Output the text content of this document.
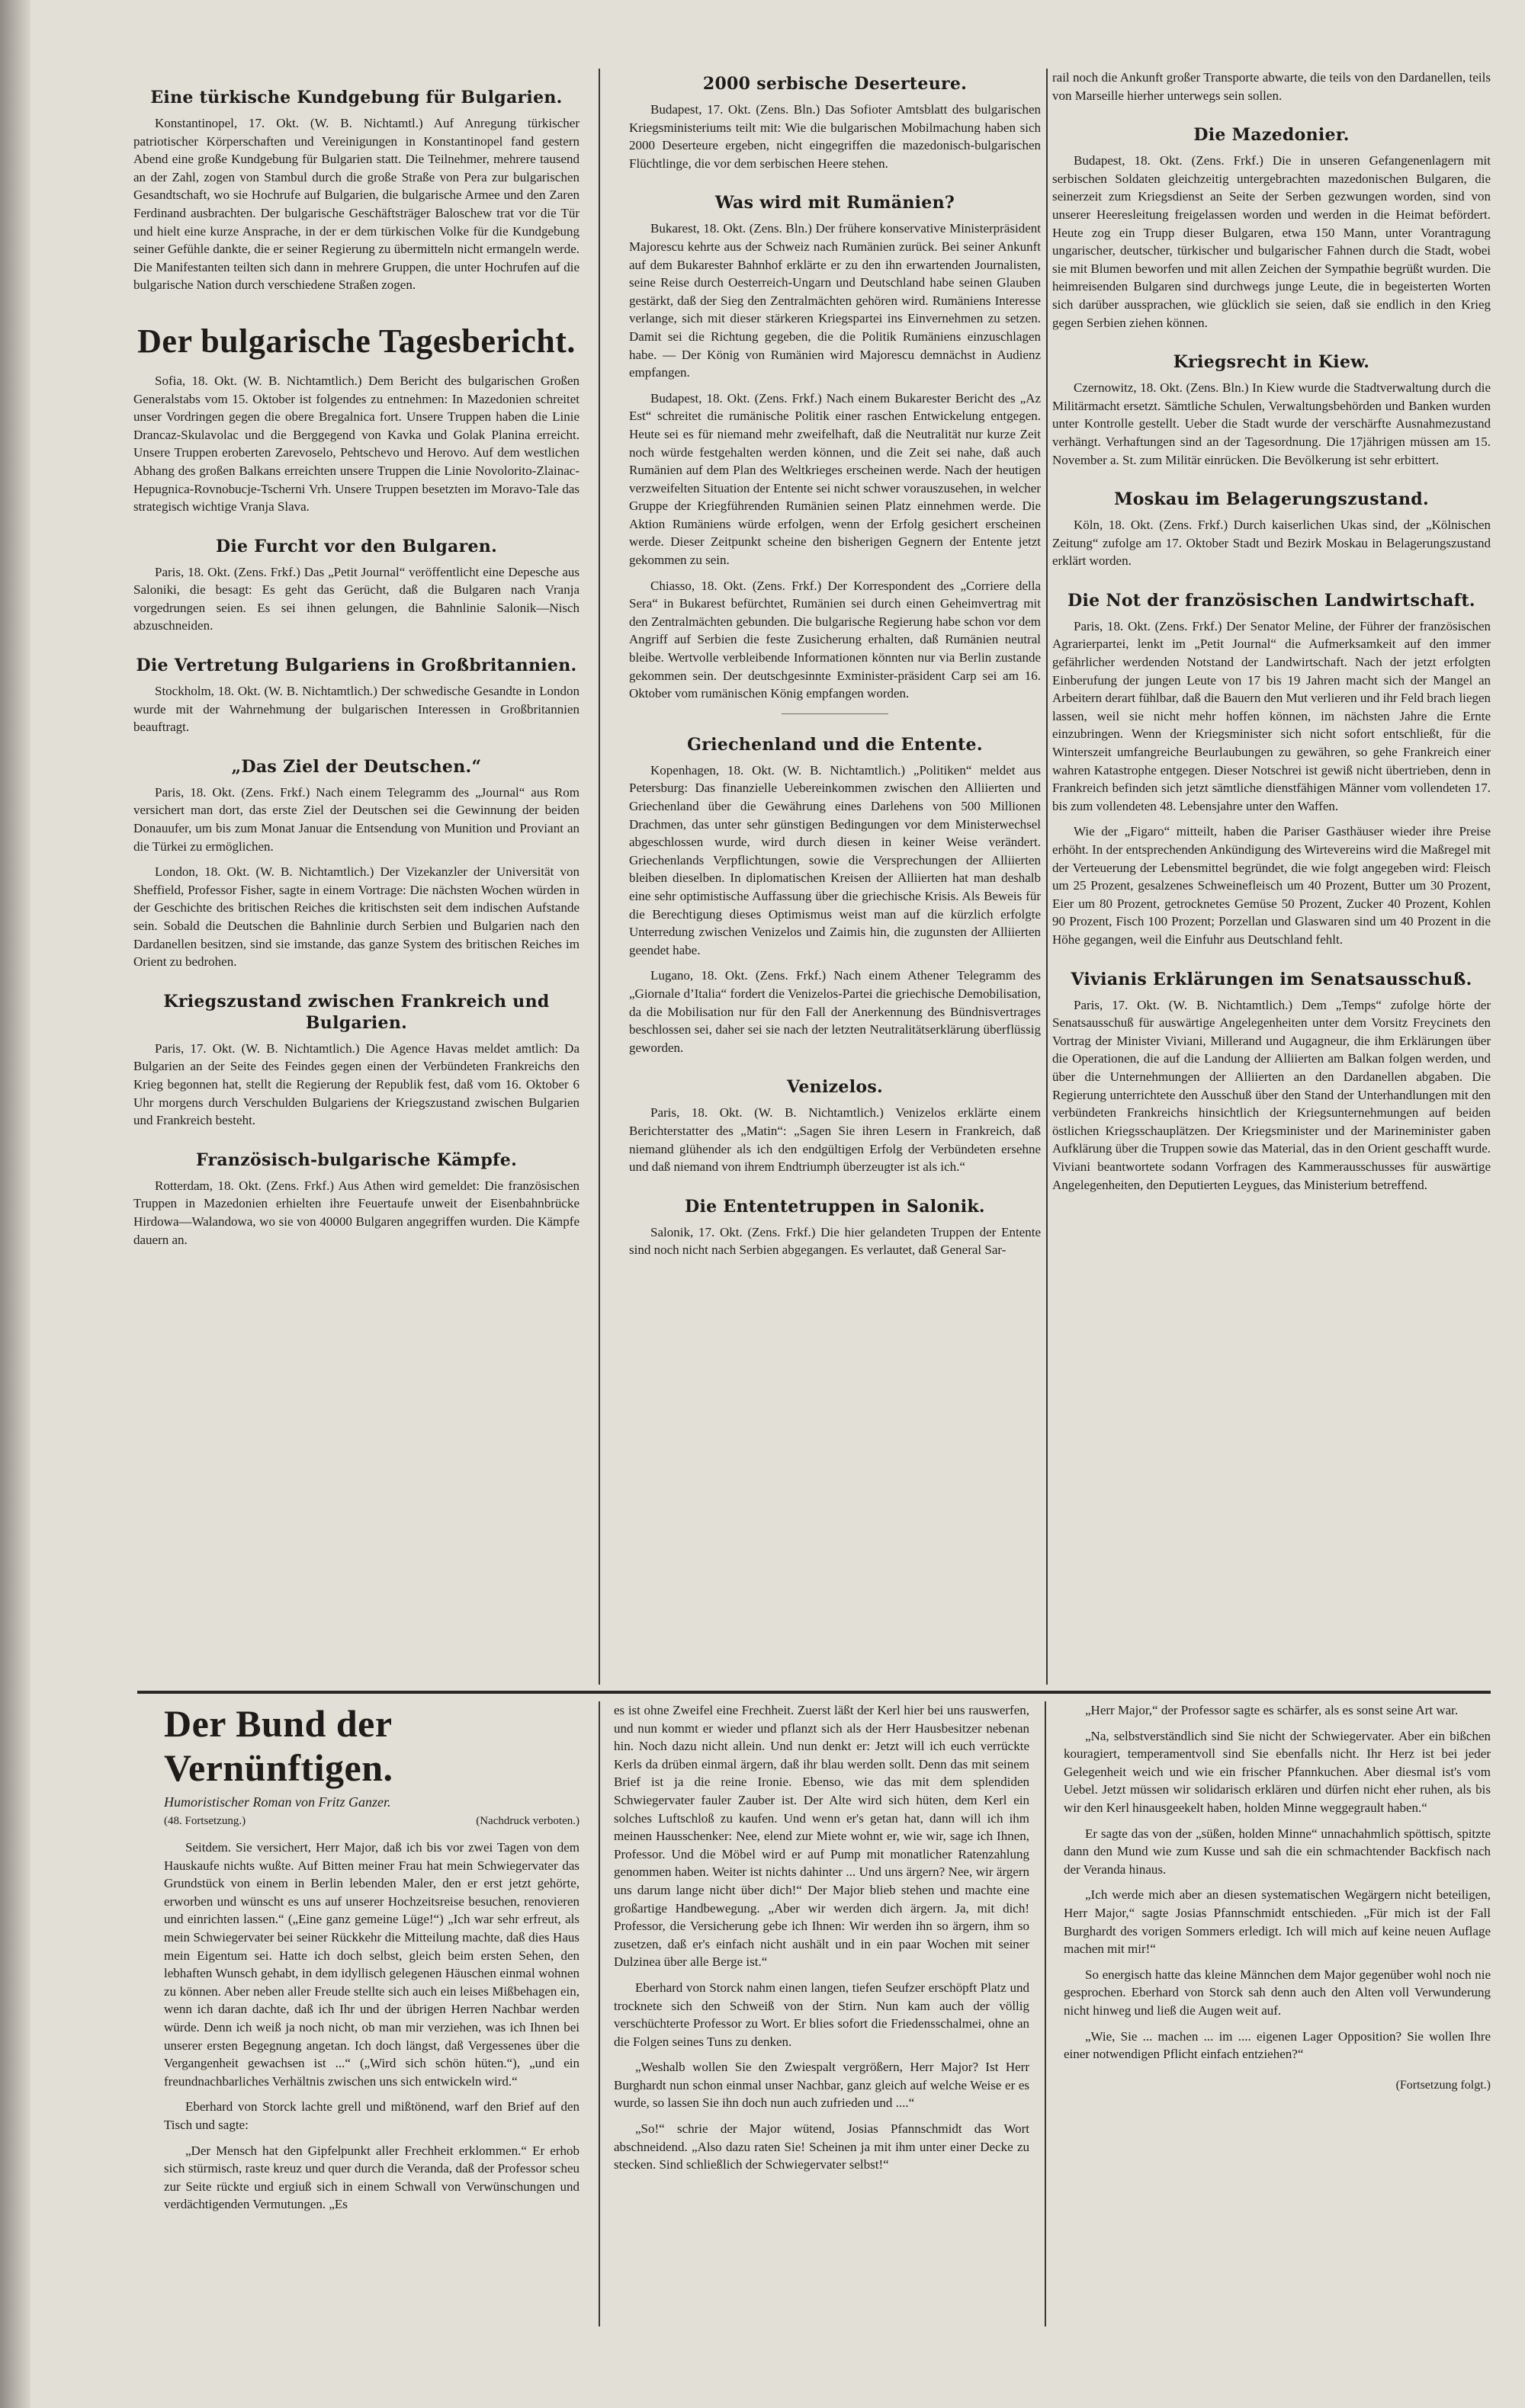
Eine türkische Kundgebung für Bulgarien.

Konstantinopel, 17. Okt. (W. B. Nichtamtl.) Auf Anregung türkischer patriotischer Körperschaften und Vereinigungen in Konstantinopel fand gestern Abend eine große Kundgebung für Bulgarien statt. Die Teilnehmer, mehrere tausend an der Zahl, zogen von Stambul durch die große Straße von Pera zur bulgarischen Gesandtschaft, wo sie Hochrufe auf Bulgarien, die bulgarische Armee und den Zaren Ferdinand ausbrachten. Der bulgarische Geschäftsträger Baloschew trat vor die Tür und hielt eine kurze Ansprache, in der er dem türkischen Volke für die Kundgebung seiner Gefühle dankte, die er seiner Regierung zu übermitteln nicht ermangeln werde. Die Manifestanten teilten sich dann in mehrere Gruppen, die unter Hochrufen auf die bulgarische Nation durch verschiedene Straßen zogen.

Der bulgarische Tagesbericht.

Sofia, 18. Okt. (W. B. Nichtamtlich.) Dem Bericht des bulgarischen Großen Generalstabs vom 15. Oktober ist folgendes zu entnehmen: In Mazedonien schreitet unser Vordringen gegen die obere Bregalnica fort. Unsere Truppen haben die Linie Drancaz-Skulavolac und die Berggegend von Kavka und Golak Planina erreicht. Unsere Truppen eroberten Zarevoselo, Pehtschevo und Herovo. Auf dem westlichen Abhang des großen Balkans erreichten unsere Truppen die Linie Novolorito-Zlainac-Hepugnica-Rovnobucje-Tscherni Vrh. Unsere Truppen besetzten im Moravo-Tale das strategisch wichtige Vranja Slava.

Die Furcht vor den Bulgaren.

Paris, 18. Okt. (Zens. Frkf.) Das „Petit Journal“ veröffentlicht eine Depesche aus Saloniki, die besagt: Es geht das Gerücht, daß die Bulgaren nach Vranja vorgedrungen seien. Es sei ihnen gelungen, die Bahnlinie Salonik—Nisch abzuschneiden.

Die Vertretung Bulgariens in Großbritannien.

Stockholm, 18. Okt. (W. B. Nichtamtlich.) Der schwedische Gesandte in London wurde mit der Wahrnehmung der bulgarischen Interessen in Großbritannien beauftragt.

„Das Ziel der Deutschen.“

Paris, 18. Okt. (Zens. Frkf.) Nach einem Telegramm des „Journal“ aus Rom versichert man dort, das erste Ziel der Deutschen sei die Gewinnung der beiden Donauufer, um bis zum Monat Januar die Entsendung von Munition und Proviant an die Türkei zu ermöglichen.

London, 18. Okt. (W. B. Nichtamtlich.) Der Vizekanzler der Universität von Sheffield, Professor Fisher, sagte in einem Vortrage: Die nächsten Wochen würden in der Geschichte des britischen Reiches die kritischsten seit dem indischen Aufstande sein. Sobald die Deutschen die Bahnlinie durch Serbien und Bulgarien nach den Dardanellen besitzen, sind sie imstande, das ganze System des britischen Reiches im Orient zu bedrohen.

Kriegszustand zwischen Frankreich und Bulgarien.

Paris, 17. Okt. (W. B. Nichtamtlich.) Die Agence Havas meldet amtlich: Da Bulgarien an der Seite des Feindes gegen einen der Verbündeten Frankreichs den Krieg begonnen hat, stellt die Regierung der Republik fest, daß vom 16. Oktober 6 Uhr morgens durch Verschulden Bulgariens der Kriegszustand zwischen Bulgarien und Frankreich besteht.

Französisch-bulgarische Kämpfe.

Rotterdam, 18. Okt. (Zens. Frkf.) Aus Athen wird gemeldet: Die französischen Truppen in Mazedonien erhielten ihre Feuertaufe unweit der Eisenbahnbrücke Hirdowa—Walandowa, wo sie von 40000 Bulgaren angegriffen wurden. Die Kämpfe dauern an.

2000 serbische Deserteure.

Budapest, 17. Okt. (Zens. Bln.) Das Sofioter Amtsblatt des bulgarischen Kriegsministeriums teilt mit: Wie die bulgarischen Mobilmachung haben sich 2000 Deserteure ergeben, nicht eingegriffen die mazedonisch-bulgarischen Flüchtlinge, die vor dem serbischen Heere stehen.

Was wird mit Rumänien?

Bukarest, 18. Okt. (Zens. Bln.) Der frühere konservative Ministerpräsident Majorescu kehrte aus der Schweiz nach Rumänien zurück. Bei seiner Ankunft auf dem Bukarester Bahnhof erklärte er zu den ihn erwartenden Journalisten, seine Reise durch Oesterreich-Ungarn und Deutschland habe seinen Glauben gestärkt, daß der Sieg den Zentralmächten gehören wird. Rumäniens Interesse verlange, sich mit dieser stärkeren Kriegspartei ins Einvernehmen zu setzen. Damit sei die Richtung gegeben, die die Politik Rumäniens einzuschlagen habe. — Der König von Rumänien wird Majorescu demnächst in Audienz empfangen.

Budapest, 18. Okt. (Zens. Frkf.) Nach einem Bukarester Bericht des „Az Est“ schreitet die rumänische Politik einer raschen Entwickelung entgegen. Heute sei es für niemand mehr zweifelhaft, daß die Neutralität nur kurze Zeit noch würde festgehalten werden können, und die Zeit sei nahe, daß auch Rumänien auf dem Plan des Weltkrieges erscheinen werde. Nach der heutigen verzweifelten Situation der Entente sei nicht schwer vorauszusehen, in welcher Gruppe der Kriegführenden Rumänien seinen Platz einnehmen werde. Die Aktion Rumäniens würde erfolgen, wenn der Erfolg gesichert erscheinen werde. Dieser Zeitpunkt scheine den bisherigen Gegnern der Entente jetzt gekommen zu sein.

Chiasso, 18. Okt. (Zens. Frkf.) Der Korrespondent des „Corriere della Sera“ in Bukarest befürchtet, Rumänien sei durch einen Geheimvertrag mit den Zentralmächten gebunden. Die bulgarische Regierung habe schon vor dem Angriff auf Serbien die feste Zusicherung erhalten, daß Rumänien neutral bleibe. Wertvolle verbleibende Informationen könnten nur via Berlin zustande gekommen sein. Der deutschgesinnte Exminister-präsident Carp sei am 16. Oktober vom rumänischen König empfangen worden.

Griechenland und die Entente.

Kopenhagen, 18. Okt. (W. B. Nichtamtlich.) „Politiken“ meldet aus Petersburg: Das finanzielle Uebereinkommen zwischen den Alliierten und Griechenland über die Gewährung eines Darlehens von 500 Millionen Drachmen, das unter sehr günstigen Bedingungen vor dem Ministerwechsel abgeschlossen wurde, wird durch diesen in keiner Weise verändert. Griechenlands Verpflichtungen, sowie die Versprechungen der Alliierten bleiben dieselben. In diplomatischen Kreisen der Alliierten hat man deshalb eine sehr optimistische Auffassung über die griechische Krisis. Als Beweis für die Berechtigung dieses Optimismus weist man auf die kürzlich erfolgte Unterredung zwischen Venizelos und Zaimis hin, die zugunsten der Alliierten geendet habe.

Lugano, 18. Okt. (Zens. Frkf.) Nach einem Athener Telegramm des „Giornale d’Italia“ fordert die Venizelos-Partei die griechische Demobilisation, da die Mobilisation nur für den Fall der Anerkennung des Bündnisvertrages beschlossen sei, daher sei sie nach der letzten Neutralitätserklärung überflüssig geworden.

Venizelos.

Paris, 18. Okt. (W. B. Nichtamtlich.) Venizelos erklärte einem Berichterstatter des „Matin“: „Sagen Sie ihren Lesern in Frankreich, daß niemand glühender als ich den endgültigen Erfolg der Verbündeten ersehne und daß niemand von ihrem Endtriumph überzeugter ist als ich.“

Die Ententetruppen in Salonik.

Salonik, 17. Okt. (Zens. Frkf.) Die hier gelandeten Truppen der Entente sind noch nicht nach Serbien abgegangen. Es verlautet, daß General Sar-

rail noch die Ankunft großer Transporte abwarte, die teils von den Dardanellen, teils von Marseille hierher unterwegs sein sollen.

Die Mazedonier.

Budapest, 18. Okt. (Zens. Frkf.) Die in unseren Gefangenenlagern mit serbischen Soldaten gleichzeitig untergebrachten mazedonischen Bulgaren, die seinerzeit zum Kriegsdienst an Seite der Serben gezwungen worden, sind von unserer Heeresleitung freigelassen worden und werden in die Heimat befördert. Heute zog ein Trupp dieser Bulgaren, etwa 150 Mann, unter Vorantragung ungarischer, deutscher, türkischer und bulgarischer Fahnen durch die Stadt, wobei sie mit Blumen beworfen und mit allen Zeichen der Sympathie begrüßt wurden. Die heimreisenden Bulgaren sind durchwegs junge Leute, die in begeisterten Worten sich darüber aussprachen, wie glücklich sie seien, daß sie endlich in den Krieg gegen Serbien ziehen können.

Kriegsrecht in Kiew.

Czernowitz, 18. Okt. (Zens. Bln.) In Kiew wurde die Stadtverwaltung durch die Militärmacht ersetzt. Sämtliche Schulen, Verwaltungsbehörden und Banken wurden unter Kontrolle gestellt. Ueber die Stadt wurde der verschärfte Ausnahmezustand verhängt. Verhaftungen sind an der Tagesordnung. Die 17jährigen müssen am 15. November a. St. zum Militär einrücken. Die Bevölkerung ist sehr erbittert.

Moskau im Belagerungszustand.

Köln, 18. Okt. (Zens. Frkf.) Durch kaiserlichen Ukas sind, der „Kölnischen Zeitung“ zufolge am 17. Oktober Stadt und Bezirk Moskau in Belagerungszustand erklärt worden.

Die Not der französischen Landwirtschaft.

Paris, 18. Okt. (Zens. Frkf.) Der Senator Meline, der Führer der französischen Agrarierpartei, lenkt im „Petit Journal“ die Aufmerksamkeit auf den immer gefährlicher werdenden Notstand der Landwirtschaft. Nach der jetzt erfolgten Einberufung der jungen Leute von 17 bis 19 Jahren macht sich der Mangel an Arbeitern derart fühlbar, daß die Bauern den Mut verlieren und ihr Feld brach liegen lassen, weil sie nicht mehr hoffen können, im nächsten Jahre die Ernte einzubringen. Wenn der Kriegsminister sich nicht sofort entschließt, für die Winterszeit umfangreiche Beurlaubungen zu gewähren, so gehe Frankreich einer wahren Katastrophe entgegen. Dieser Notschrei ist gewiß nicht übertrieben, denn in Frankreich befinden sich jetzt sämtliche dienstfähigen Männer vom vollendeten 17. bis zum vollendeten 48. Lebensjahre unter den Waffen.

Wie der „Figaro“ mitteilt, haben die Pariser Gasthäuser wieder ihre Preise erhöht. In der entsprechenden Ankündigung des Wirtevereins wird die Maßregel mit der Verteuerung der Lebensmittel begründet, die wie folgt angegeben wird: Fleisch um 25 Prozent, gesalzenes Schweinefleisch um 40 Prozent, Butter um 30 Prozent, Eier um 80 Prozent, getrocknetes Gemüse 50 Prozent, Zucker 40 Prozent, Kohlen 90 Prozent, Fisch 100 Prozent; Porzellan und Glaswaren sind um 40 Prozent in die Höhe gegangen, weil die Einfuhr aus Deutschland fehlt.

Vivianis Erklärungen im Senatsausschuß.

Paris, 17. Okt. (W. B. Nichtamtlich.) Dem „Temps“ zufolge hörte der Senatsausschuß für auswärtige Angelegenheiten unter dem Vorsitz Freycinets den Vortrag der Minister Viviani, Millerand und Augagneur, die ihm Erklärungen über die Operationen, die auf die Landung der Alliierten am Balkan folgen werden, und über die Unternehmungen der Alliierten an den Dardanellen abgaben. Die Regierung unterrichtete den Ausschuß über den Stand der Unterhandlungen mit den verbündeten Frankreichs hinsichtlich der Kriegsunternehmungen auf beiden östlichen Kriegsschauplätzen. Der Kriegsminister und der Marineminister gaben Aufklärung über die Truppen sowie das Material, das in den Orient geschafft wurde. Viviani beantwortete sodann Vorfragen des Kammerausschusses für auswärtige Angelegenheiten, den Deputierten Leygues, das Ministerium betreffend.

Der Bund der Vernünftigen.
Humoristischer Roman von Fritz Ganzer.
(48. Fortsetzung.)	(Nachdruck verboten.)

Seitdem. Sie versichert, Herr Major, daß ich bis vor zwei Tagen von dem Hauskaufe nichts wußte. Auf Bitten meiner Frau hat mein Schwiegervater das Grundstück von einem in Berlin lebenden Maler, den er erst jetzt gehörte, erworben und wünscht es uns auf unserer Hochzeitsreise besuchen, renovieren und einrichten lassen.“ („Eine ganz gemeine Lüge!“) „Ich war sehr erfreut, als mein Schwiegervater bei seiner Rückkehr die Mitteilung machte, daß dies Haus mein Eigentum sei. Hatte ich doch selbst, gleich beim ersten Sehen, den lebhaften Wunsch gehabt, in dem idyllisch gelegenen Häuschen einmal wohnen zu können. Aber neben aller Freude stellte sich auch ein leises Mißbehagen ein, wenn ich daran dachte, daß ich Ihr und der übrigen Herren Nachbar werden würde. Denn ich weiß ja noch nicht, ob man mir verziehen, was ich Ihnen bei unserer ersten Begegnung angetan. Ich doch längst, daß Vergessenes über die Vergangenheit gewachsen ist ...“ („Wird sich schön hüten.“), „und ein freundnachbarliches Verhältnis zwischen uns sich entwickeln wird.“

Eberhard von Storck lachte grell und mißtönend, warf den Brief auf den Tisch und sagte:

„Der Mensch hat den Gipfelpunkt aller Frechheit erklommen.“ Er erhob sich stürmisch, raste kreuz und quer durch die Veranda, daß der Professor scheu zur Seite rückte und ergiuß sich in einem Schwall von Verwünschungen und verdächtigenden Vermutungen. „Es

es ist ohne Zweifel eine Frechheit. Zuerst läßt der Kerl hier bei uns rauswerfen, und nun kommt er wieder und pflanzt sich als der Herr Hausbesitzer nebenan hin. Noch dazu nicht allein. Und nun denkt er: Jetzt will ich euch verrückte Kerls da drüben einmal ärgern, daß ihr blau werden sollt. Denn das mit seinem Brief ist ja die reine Ironie. Ebenso, wie das mit dem splendiden Schwiegervater fauler Zauber ist. Der Alte wird sich hüten, dem Kerl ein solches Luftschloß zu kaufen. Und wenn er's getan hat, dann will ich ihm meinen Hausschenker: Nee, elend zur Miete wohnt er, wie wir, sage ich Ihnen, Professor. Und die Möbel wird er auf Pump mit monatlicher Ratenzahlung genommen haben. Weiter ist nichts dahinter ... Und uns ärgern? Nee, wir ärgern uns darum lange nicht über dich!“ Der Major blieb stehen und machte eine großartige Handbewegung. „Aber wir werden dich ärgern. Ja, mit dich! Professor, die Versicherung gebe ich Ihnen: Wir werden ihn so ärgern, ihm so zusetzen, daß er's einfach nicht aushält und in ein paar Wochen mit seiner Dulzinea über alle Berge ist.“

Eberhard von Storck nahm einen langen, tiefen Seufzer erschöpft Platz und trocknete sich den Schweiß von der Stirn. Nun kam auch der völlig verschüchterte Professor zu Wort. Er blies sofort die Friedensschalmei, ohne an die Folgen seines Tuns zu denken.

„Weshalb wollen Sie den Zwiespalt vergrößern, Herr Major? Ist Herr Burghardt nun schon einmal unser Nachbar, ganz gleich auf welche Weise er es wurde, so lassen Sie ihn doch nun auch zufrieden und ....“

„So!“ schrie der Major wütend, Josias Pfannschmidt das Wort abschneidend. „Also dazu raten Sie! Scheinen ja mit ihm unter einer Decke zu stecken. Sind schließlich der Schwiegervater selbst!“

„Herr Major,“ der Professor sagte es schärfer, als es sonst seine Art war.

„Na, selbstverständlich sind Sie nicht der Schwiegervater. Aber ein bißchen kouragiert, temperamentvoll sind Sie ebenfalls nicht. Ihr Herz ist bei jeder Gelegenheit weich und wie ein frischer Pfannkuchen. Aber diesmal ist's vom Uebel. Jetzt müssen wir solidarisch erklären und dürfen nicht eher ruhen, als bis wir den Kerl hinausgeekelt haben, holden Minne weggegrault haben.“

Er sagte das von der „süßen, holden Minne“ unnachahmlich spöttisch, spitzte dann den Mund wie zum Kusse und sah die ein schmachtender Backfisch nach der Veranda hinaus.

„Ich werde mich aber an diesen systematischen Wegärgern nicht beteiligen, Herr Major,“ sagte Josias Pfannschmidt entschieden. „Für mich ist der Fall Burghardt des vorigen Sommers erledigt. Ich will mich auf keine neuen Auflage machen mit mir!“

So energisch hatte das kleine Männchen dem Major gegenüber wohl noch nie gesprochen. Eberhard von Storck sah denn auch den Alten voll Verwunderung nicht hinweg und ließ die Augen weit auf.

„Wie, Sie ... machen ... im .... eigenen Lager Opposition? Sie wollen Ihre einer notwendigen Pflicht einfach entziehen?“

(Fortsetzung folgt.)
